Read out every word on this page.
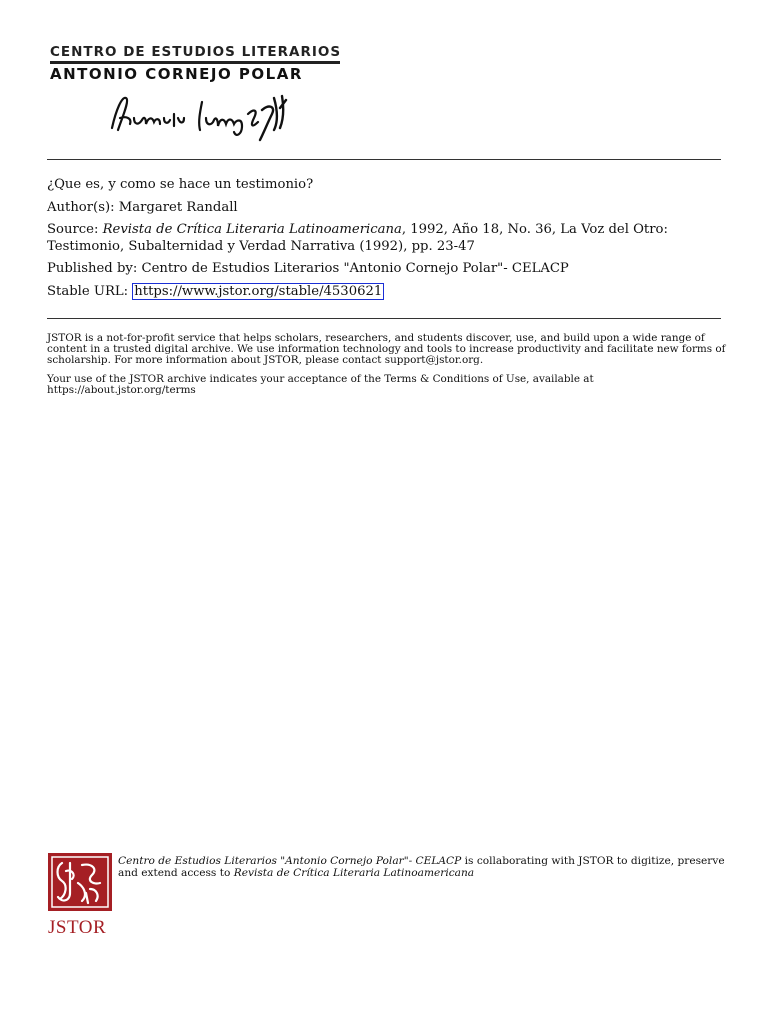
CENTRO DE ESTUDIOS LITERARIOS
ANTONIO CORNEJO POLAR
¿Que es, y como se hace un testimonio?
Author(s): Margaret Randall
Source: Revista de Crítica Literaria Latinoamericana, 1992, Año 18, No. 36, La Voz del Otro: Testimonio, Subalternidad y Verdad Narrativa (1992), pp. 23-47
Published by: Centro de Estudios Literarios "Antonio Cornejo Polar"- CELACP
Stable URL: https://www.jstor.org/stable/4530621

JSTOR is a not-for-profit service that helps scholars, researchers, and students discover, use, and build upon a wide range of content in a trusted digital archive. We use information technology and tools to increase productivity and facilitate new forms of scholarship. For more information about JSTOR, please contact support@jstor.org.

Your use of the JSTOR archive indicates your acceptance of the Terms & Conditions of Use, available at https://about.jstor.org/terms

JSTOR
Centro de Estudios Literarios "Antonio Cornejo Polar"- CELACP is collaborating with JSTOR to digitize, preserve and extend access to Revista de Crítica Literaria Latinoamericana
